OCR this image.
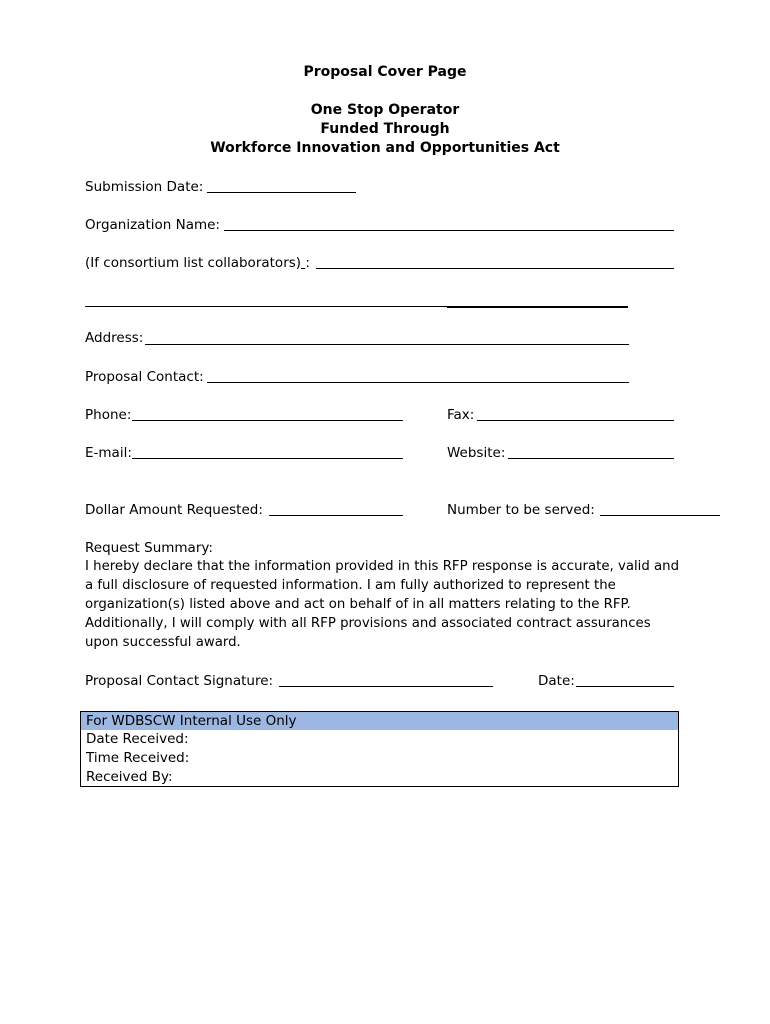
Proposal Cover Page
One Stop Operator
Funded Through
Workforce Innovation and Opportunities Act
Submission Date:
Organization Name:
(If consortium list collaborators) :
Address:
Proposal Contact:
Phone:	Fax:
E-mail:	Website:
Dollar Amount Requested:	Number to be served:
Request Summary:
I hereby declare that the information provided in this RFP response is accurate, valid and a full disclosure of requested information. I am fully authorized to represent the organization(s) listed above and act on behalf of in all matters relating to the RFP. Additionally, I will comply with all RFP provisions and associated contract assurances upon successful award.
Proposal Contact Signature:	Date:
For WDBSCW Internal Use Only
Date Received:
Time Received:
Received By:
